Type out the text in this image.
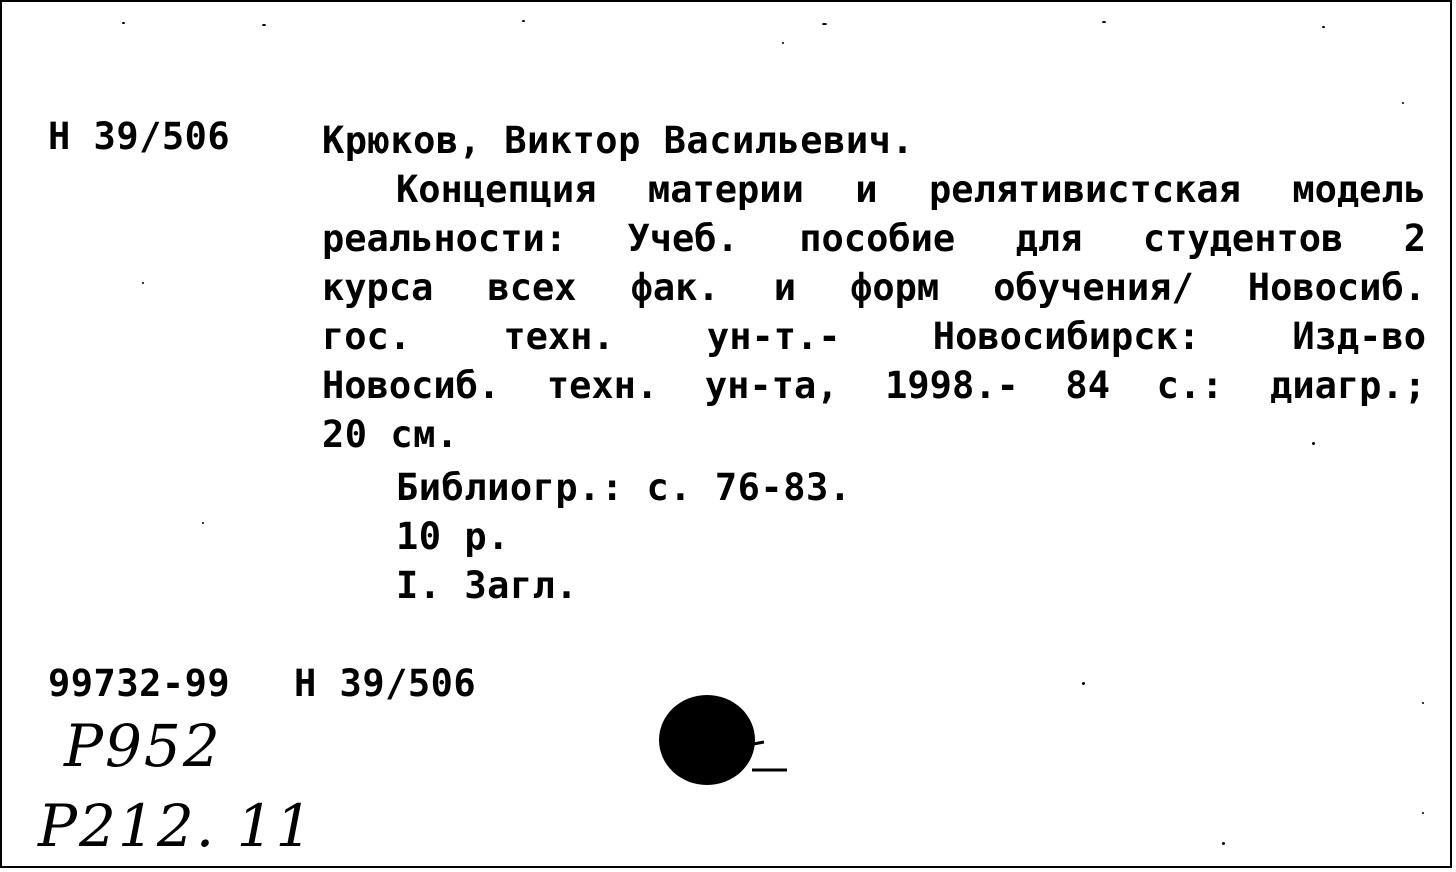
Н 39/506 Крюков, Виктор Васильевич.
Концепция материи и релятивистская модель
реальности: Учеб. пособие для студентов 2
курса всех фак. и форм обучения/ Новосиб.
гос. техн. ун-т.- Новосибирск: Изд-во
Новосиб. техн. ун-та, 1998.- 84 с.: диагр.;
20 см.
Библиогр.: с. 76-83.
10 р.
I. Загл.
99732-99 Н 39/506
Р952
Р212. 11
